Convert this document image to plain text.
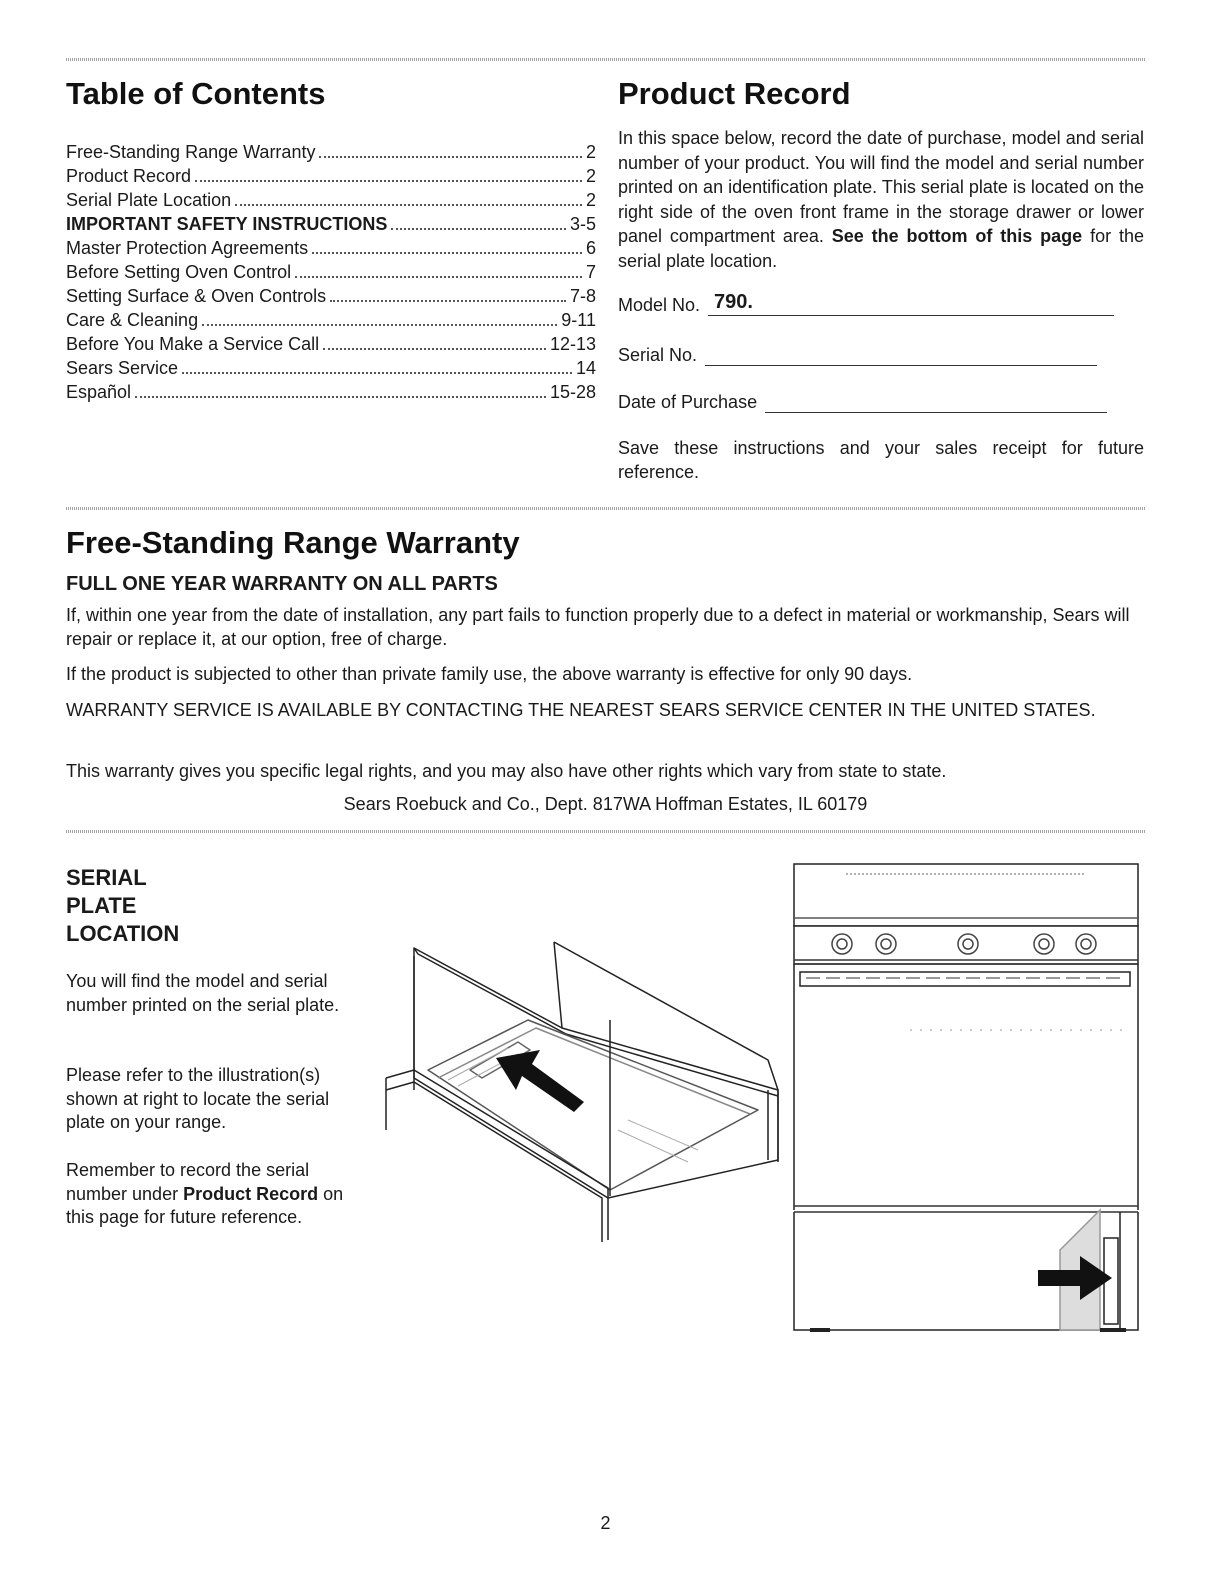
Table of Contents
Free-Standing Range Warranty	2
Product Record	2
Serial Plate Location	2
IMPORTANT SAFETY INSTRUCTIONS	3-5
Master Protection Agreements	6
Before Setting Oven Control	7
Setting Surface & Oven Controls	7-8
Care & Cleaning	9-11
Before You Make a Service Call	12-13
Sears Service	14
Español	15-28
Product Record

In this space below, record the date of purchase, model and serial number of your product. You will find the model and serial number printed on an identification plate. This serial plate is located on the right side of the oven front frame in the storage drawer or lower panel compartment area. See the bottom of this page for the serial plate location.

Model No. 790.
Serial No.
Date of Purchase

Save these instructions and your sales receipt for future reference.

Free-Standing Range Warranty
FULL ONE YEAR WARRANTY ON ALL PARTS

If, within one year from the date of installation, any part fails to function properly due to a defect in material or workmanship, Sears will repair or replace it, at our option, free of charge.

If the product is subjected to other than private family use, the above warranty is effective for only 90 days.

WARRANTY SERVICE IS AVAILABLE BY CONTACTING THE NEAREST SEARS SERVICE CENTER IN THE UNITED STATES.

This warranty gives you specific legal rights, and you may also have other rights which vary from state to state.

Sears Roebuck and Co., Dept. 817WA Hoffman Estates, IL 60179

SERIAL
PLATE
LOCATION

You will find the model and serial number printed on the serial plate.

Please refer to the illustration(s) shown at right to locate the serial plate on your range.

Remember to record the serial number under Product Record on this page for future reference.

2
